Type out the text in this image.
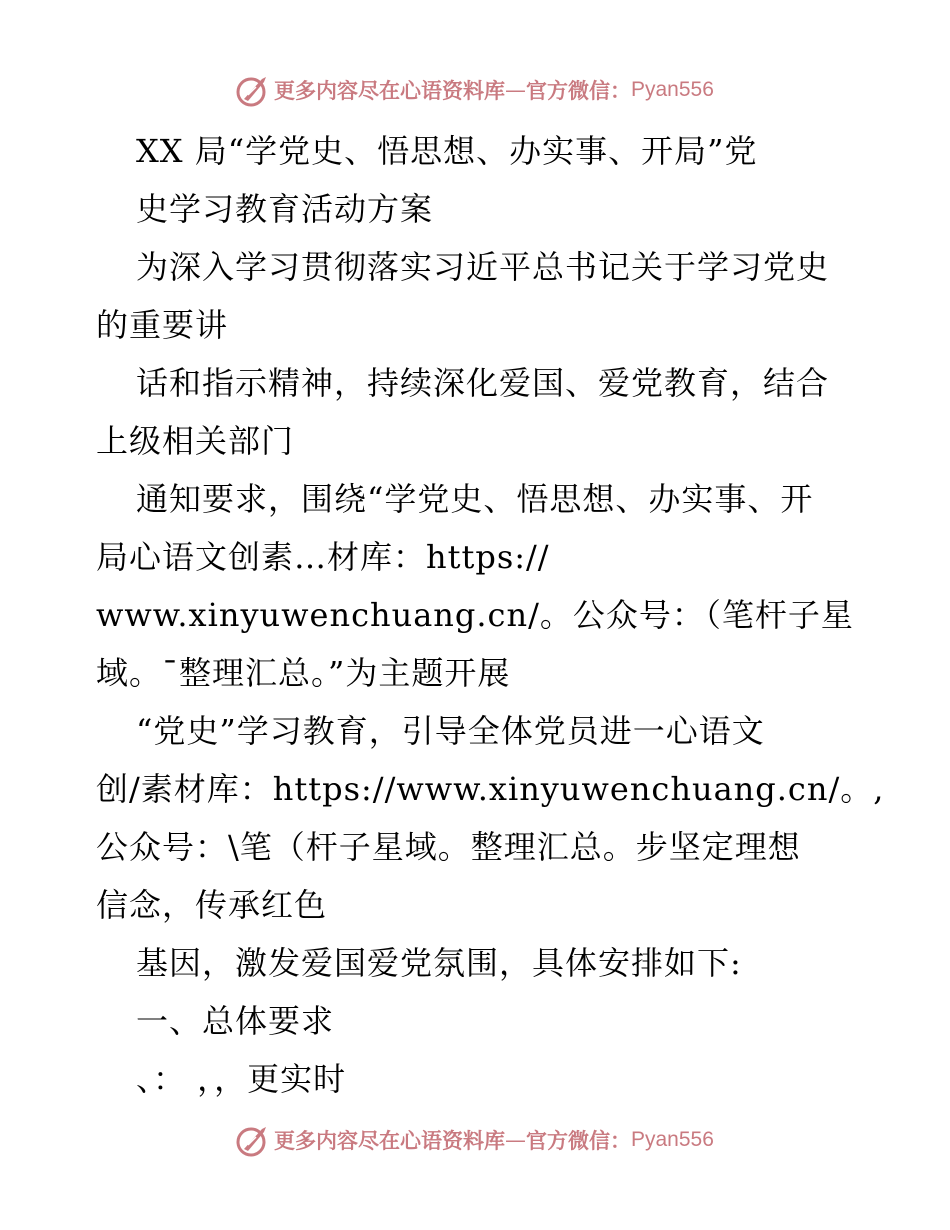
更多内容尽在心语资料库 — 官方微信： Pyan556
XX 局“学党史、悟思想、办实事、开局”党
史学习教育活动方案
为深入学习贯彻落实习近平总书记关于学习党史
的重要讲
话和指示精神，持续深化爱国、爱党教育，结合
上级相关部门
通知要求，围绕“学党史、悟思想、办实事、开
局心语文创素…材库：https://
www.xinyuwenchuang.cn/。公众号：（笔杆子星
域。¯整理汇总。”为主题开展
“党史”学习教育，引导全体党员进一心语文
创/素材库：https://www.xinyuwenchuang.cn/。,
公众号：\笔（杆子星域。整理汇总。步坚定理想
信念，传承红色
基因，激发爱国爱党氛围，具体安排如下:
一、总体要求
、： ，，更实时
更多内容尽在心语资料库 — 官方微信： Pyan556
